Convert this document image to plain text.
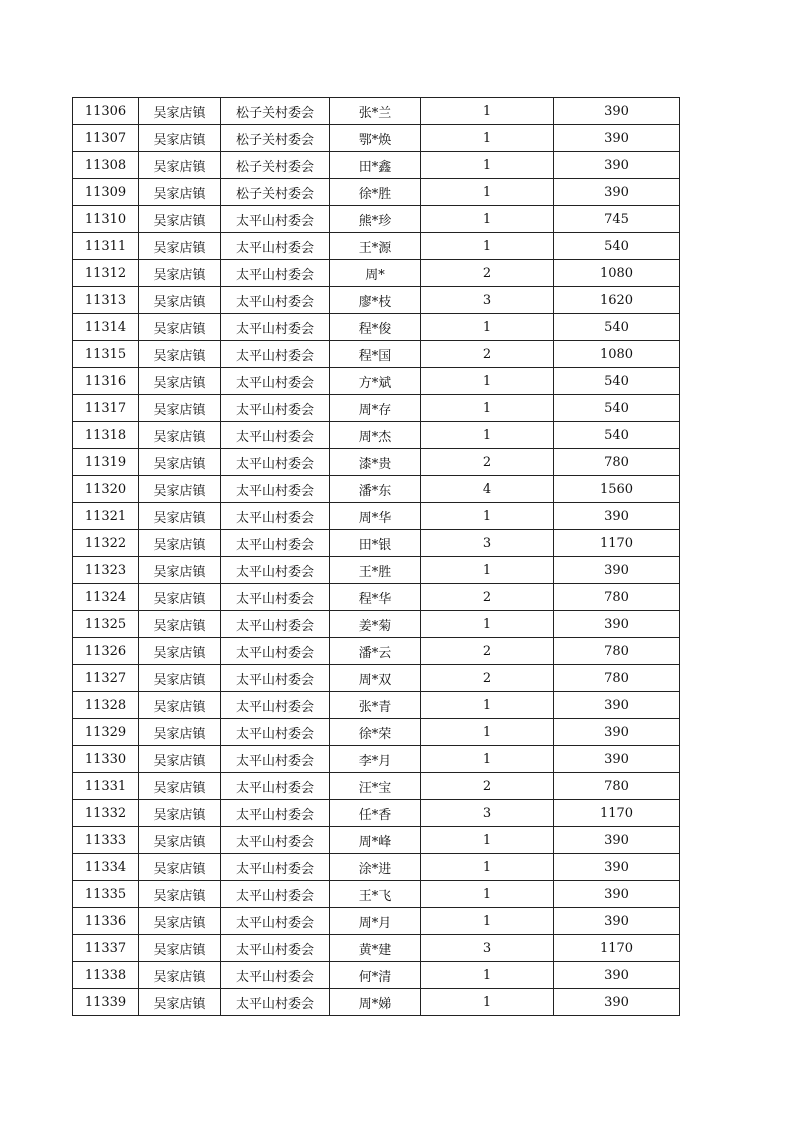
11306	吴家店镇	松子关村委会	张*兰	1	390
11307	吴家店镇	松子关村委会	鄂*焕	1	390
11308	吴家店镇	松子关村委会	田*鑫	1	390
11309	吴家店镇	松子关村委会	徐*胜	1	390
11310	吴家店镇	太平山村委会	熊*珍	1	745
11311	吴家店镇	太平山村委会	王*源	1	540
11312	吴家店镇	太平山村委会	周*	2	1080
11313	吴家店镇	太平山村委会	廖*枝	3	1620
11314	吴家店镇	太平山村委会	程*俊	1	540
11315	吴家店镇	太平山村委会	程*国	2	1080
11316	吴家店镇	太平山村委会	方*斌	1	540
11317	吴家店镇	太平山村委会	周*存	1	540
11318	吴家店镇	太平山村委会	周*杰	1	540
11319	吴家店镇	太平山村委会	漆*贵	2	780
11320	吴家店镇	太平山村委会	潘*东	4	1560
11321	吴家店镇	太平山村委会	周*华	1	390
11322	吴家店镇	太平山村委会	田*银	3	1170
11323	吴家店镇	太平山村委会	王*胜	1	390
11324	吴家店镇	太平山村委会	程*华	2	780
11325	吴家店镇	太平山村委会	姜*菊	1	390
11326	吴家店镇	太平山村委会	潘*云	2	780
11327	吴家店镇	太平山村委会	周*双	2	780
11328	吴家店镇	太平山村委会	张*青	1	390
11329	吴家店镇	太平山村委会	徐*荣	1	390
11330	吴家店镇	太平山村委会	李*月	1	390
11331	吴家店镇	太平山村委会	汪*宝	2	780
11332	吴家店镇	太平山村委会	任*香	3	1170
11333	吴家店镇	太平山村委会	周*峰	1	390
11334	吴家店镇	太平山村委会	涂*进	1	390
11335	吴家店镇	太平山村委会	王*飞	1	390
11336	吴家店镇	太平山村委会	周*月	1	390
11337	吴家店镇	太平山村委会	黄*建	3	1170
11338	吴家店镇	太平山村委会	何*清	1	390
11339	吴家店镇	太平山村委会	周*娣	1	390
